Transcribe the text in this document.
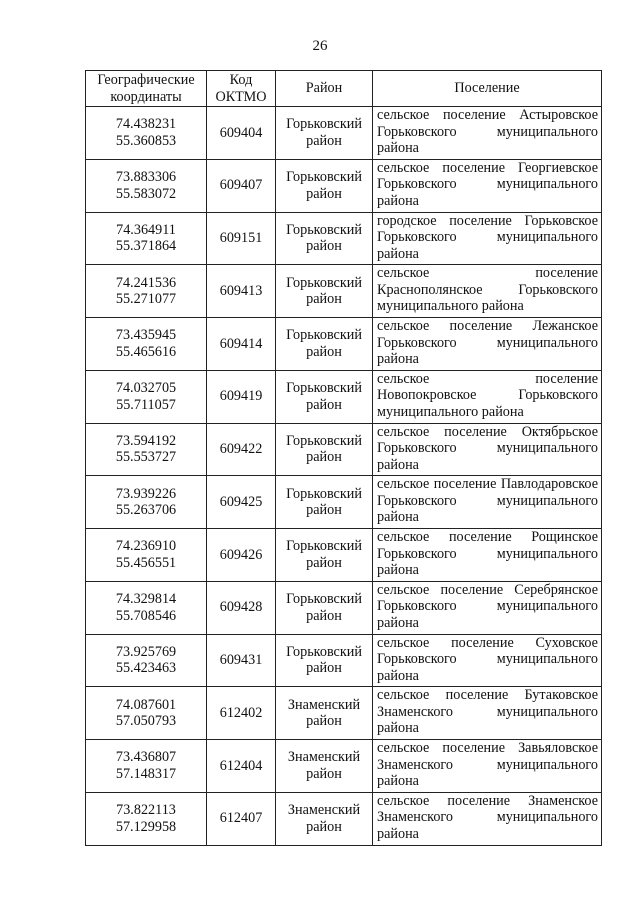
26
Географические
координаты	Код
ОКТМО	Район	Поселение

74.438231
55.360853	609404	Горьковский
район	сельское поселение Астыровское Горьковского муниципального района

73.883306
55.583072	609407	Горьковский
район	сельское поселение Георгиевское Горьковского муниципального района

74.364911
55.371864	609151	Горьковский
район	городское поселение Горьковское Горьковского муниципального района

74.241536
55.271077	609413	Горьковский
район	сельское поселение Краснополянское Горьковского муниципального района

73.435945
55.465616	609414	Горьковский
район	сельское поселение Лежанское Горьковского муниципального района

74.032705
55.711057	609419	Горьковский
район	сельское поселение Новопокровское Горьковского муниципального района

73.594192
55.553727	609422	Горьковский
район	сельское поселение Октябрьское Горьковского муниципального района

73.939226
55.263706	609425	Горьковский
район	сельское поселение Павлодаровское Горьковского муниципального района

74.236910
55.456551	609426	Горьковский
район	сельское поселение Рощинское Горьковского муниципального района

74.329814
55.708546	609428	Горьковский
район	сельское поселение Серебрянское Горьковского муниципального района

73.925769
55.423463	609431	Горьковский
район	сельское поселение Суховское Горьковского муниципального района

74.087601
57.050793	612402	Знаменский
район	сельское поселение Бутаковское Знаменского муниципального района

73.436807
57.148317	612404	Знаменский
район	сельское поселение Завьяловское Знаменского муниципального района

73.822113
57.129958	612407	Знаменский
район	сельское поселение Знаменское Знаменского муниципального района
